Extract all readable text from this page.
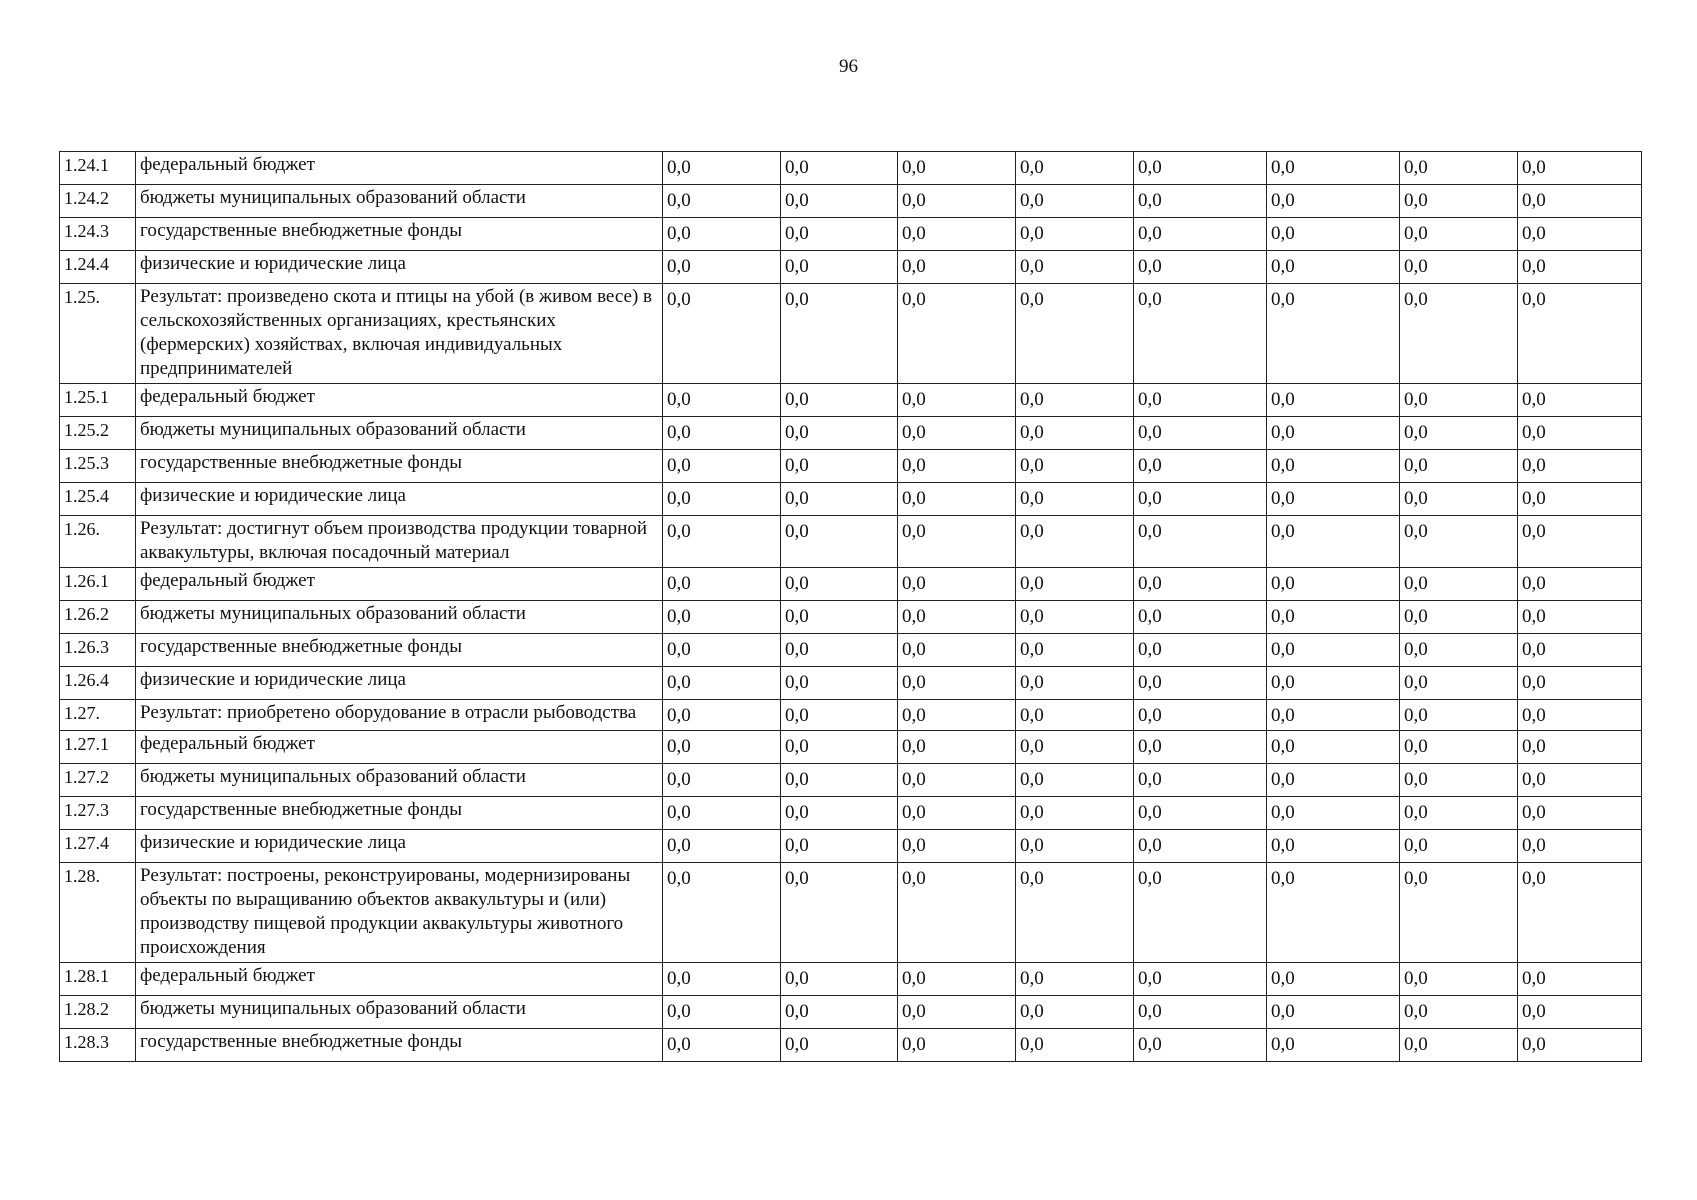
96
1.24.1	федеральный бюджет	0,0	0,0	0,0	0,0	0,0	0,0	0,0	0,0
1.24.2	бюджеты муниципальных образований области	0,0	0,0	0,0	0,0	0,0	0,0	0,0	0,0
1.24.3	государственные внебюджетные фонды	0,0	0,0	0,0	0,0	0,0	0,0	0,0	0,0
1.24.4	физические и юридические лица	0,0	0,0	0,0	0,0	0,0	0,0	0,0	0,0
1.25.	Результат: произведено скота и птицы на убой (в живом весе) в сельскохозяйственных организациях, крестьянских (фермерских) хозяйствах, включая индивидуальных предпринимателей	0,0	0,0	0,0	0,0	0,0	0,0	0,0	0,0
1.25.1	федеральный бюджет	0,0	0,0	0,0	0,0	0,0	0,0	0,0	0,0
1.25.2	бюджеты муниципальных образований области	0,0	0,0	0,0	0,0	0,0	0,0	0,0	0,0
1.25.3	государственные внебюджетные фонды	0,0	0,0	0,0	0,0	0,0	0,0	0,0	0,0
1.25.4	физические и юридические лица	0,0	0,0	0,0	0,0	0,0	0,0	0,0	0,0
1.26.	Результат: достигнут объем производства продукции товарной аквакультуры, включая посадочный материал	0,0	0,0	0,0	0,0	0,0	0,0	0,0	0,0
1.26.1	федеральный бюджет	0,0	0,0	0,0	0,0	0,0	0,0	0,0	0,0
1.26.2	бюджеты муниципальных образований области	0,0	0,0	0,0	0,0	0,0	0,0	0,0	0,0
1.26.3	государственные внебюджетные фонды	0,0	0,0	0,0	0,0	0,0	0,0	0,0	0,0
1.26.4	физические и юридические лица	0,0	0,0	0,0	0,0	0,0	0,0	0,0	0,0
1.27.	Результат: приобретено оборудование в отрасли рыбоводства	0,0	0,0	0,0	0,0	0,0	0,0	0,0	0,0
1.27.1	федеральный бюджет	0,0	0,0	0,0	0,0	0,0	0,0	0,0	0,0
1.27.2	бюджеты муниципальных образований области	0,0	0,0	0,0	0,0	0,0	0,0	0,0	0,0
1.27.3	государственные внебюджетные фонды	0,0	0,0	0,0	0,0	0,0	0,0	0,0	0,0
1.27.4	физические и юридические лица	0,0	0,0	0,0	0,0	0,0	0,0	0,0	0,0
1.28.	Результат: построены, реконструированы, модернизированы объекты по выращиванию объектов аквакультуры и (или) производству пищевой продукции аквакультуры животного происхождения	0,0	0,0	0,0	0,0	0,0	0,0	0,0	0,0
1.28.1	федеральный бюджет	0,0	0,0	0,0	0,0	0,0	0,0	0,0	0,0
1.28.2	бюджеты муниципальных образований области	0,0	0,0	0,0	0,0	0,0	0,0	0,0	0,0
1.28.3	государственные внебюджетные фонды	0,0	0,0	0,0	0,0	0,0	0,0	0,0	0,0
